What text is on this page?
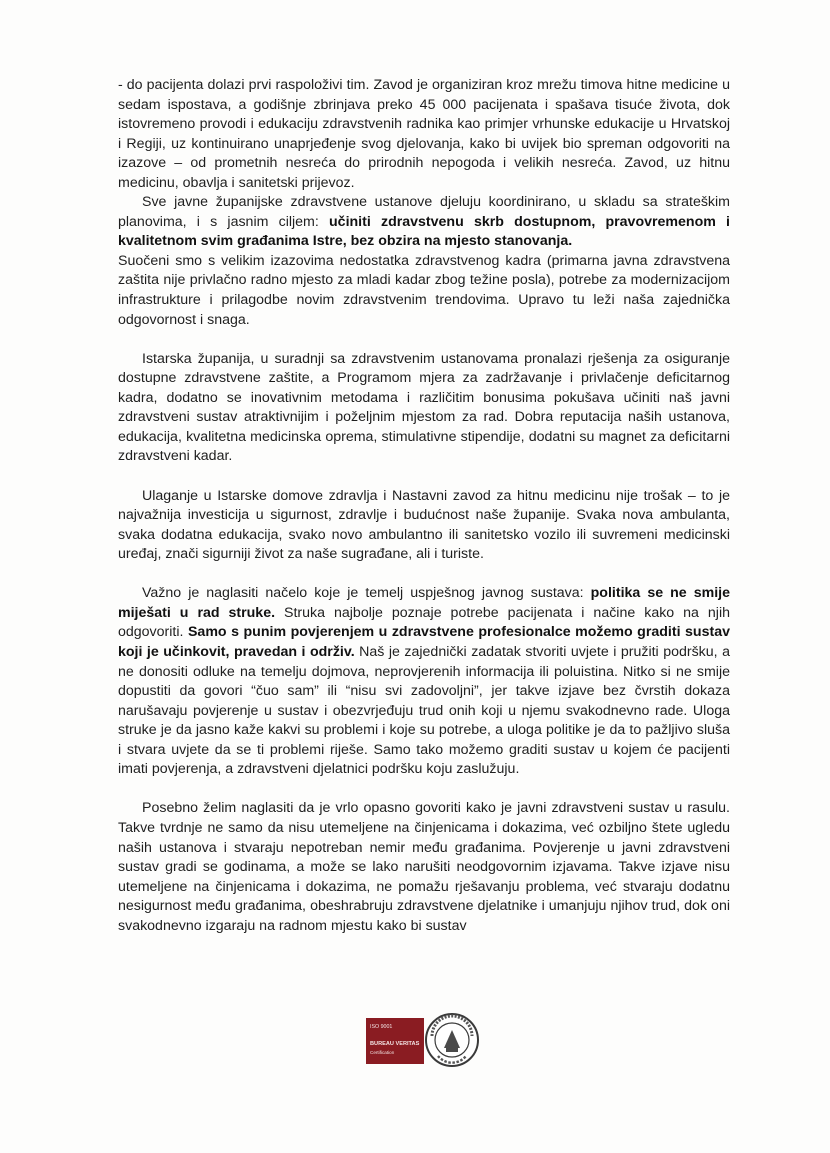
- do pacijenta dolazi prvi raspoloživi tim. Zavod je organiziran kroz mrežu timova hitne medicine u sedam ispostava, a godišnje zbrinjava preko 45 000 pacijenata i spašava tisuće života, dok istovremeno provodi i edukaciju zdravstvenih radnika kao primjer vrhunske edukacije u Hrvatskoj i Regiji, uz kontinuirano unaprjeđenje svog djelovanja, kako bi uvijek bio spreman odgovoriti na izazove – od prometnih nesreća do prirodnih nepogoda i velikih nesreća. Zavod, uz hitnu medicinu, obavlja i sanitetski prijevoz.

Sve javne županijske zdravstvene ustanove djeluju koordinirano, u skladu sa strateškim planovima, i s jasnim ciljem: učiniti zdravstvenu skrb dostupnom, pravovremenom i kvalitetnom svim građanima Istre, bez obzira na mjesto stanovanja.

Suočeni smo s velikim izazovima nedostatka zdravstvenog kadra (primarna javna zdravstvena zaštita nije privlačno radno mjesto za mladi kadar zbog težine posla), potrebe za modernizacijom infrastrukture i prilagodbe novim zdravstvenim trendovima. Upravo tu leži naša zajednička odgovornost i snaga.

Istarska županija, u suradnji sa zdravstvenim ustanovama pronalazi rješenja za osiguranje dostupne zdravstvene zaštite, a Programom mjera za zadržavanje i privlačenje deficitarnog kadra, dodatno se inovativnim metodama i različitim bonusima pokušava učiniti naš javni zdravstveni sustav atraktivnijim i poželjnim mjestom za rad. Dobra reputacija naših ustanova, edukacija, kvalitetna medicinska oprema, stimulativne stipendije, dodatni su magnet za deficitarni zdravstveni kadar.

Ulaganje u Istarske domove zdravlja i Nastavni zavod za hitnu medicinu nije trošak – to je najvažnija investicija u sigurnost, zdravlje i budućnost naše županije. Svaka nova ambulanta, svaka dodatna edukacija, svako novo ambulantno ili sanitetsko vozilo ili suvremeni medicinski uređaj, znači sigurniji život za naše sugrađane, ali i turiste.

Važno je naglasiti načelo koje je temelj uspješnog javnog sustava: politika se ne smije miješati u rad struke. Struka najbolje poznaje potrebe pacijenata i načine kako na njih odgovoriti. Samo s punim povjerenjem u zdravstvene profesionalce možemo graditi sustav koji je učinkovit, pravedan i održiv. Naš je zajednički zadatak stvoriti uvjete i pružiti podršku, a ne donositi odluke na temelju dojmova, neprovjerenih informacija ili poluistina. Nitko si ne smije dopustiti da govori “čuo sam” ili “nisu svi zadovoljni”, jer takve izjave bez čvrstih dokaza narušavaju povjerenje u sustav i obezvrjeđuju trud onih koji u njemu svakodnevno rade. Uloga struke je da jasno kaže kakvi su problemi i koje su potrebe, a uloga politike je da to pažljivo sluša i stvara uvjete da se ti problemi riješe. Samo tako možemo graditi sustav u kojem će pacijenti imati povjerenja, a zdravstveni djelatnici podršku koju zaslužuju.

Posebno želim naglasiti da je vrlo opasno govoriti kako je javni zdravstveni sustav u rasulu. Takve tvrdnje ne samo da nisu utemeljene na činjenicama i dokazima, već ozbiljno štete ugledu naših ustanova i stvaraju nepotreban nemir među građanima. Povjerenje u javni zdravstveni sustav gradi se godinama, a može se lako narušiti neodgovornim izjavama. Takve izjave nisu utemeljene na činjenicama i dokazima, ne pomažu rješavanju problema, već stvaraju dodatnu nesigurnost među građanima, obeshrabruju zdravstvene djelatnike i umanjuju njihov trud, dok oni svakodnevno izgaraju na radnom mjestu kako bi sustav

ISO 9001
BUREAU VERITAS
Certification
